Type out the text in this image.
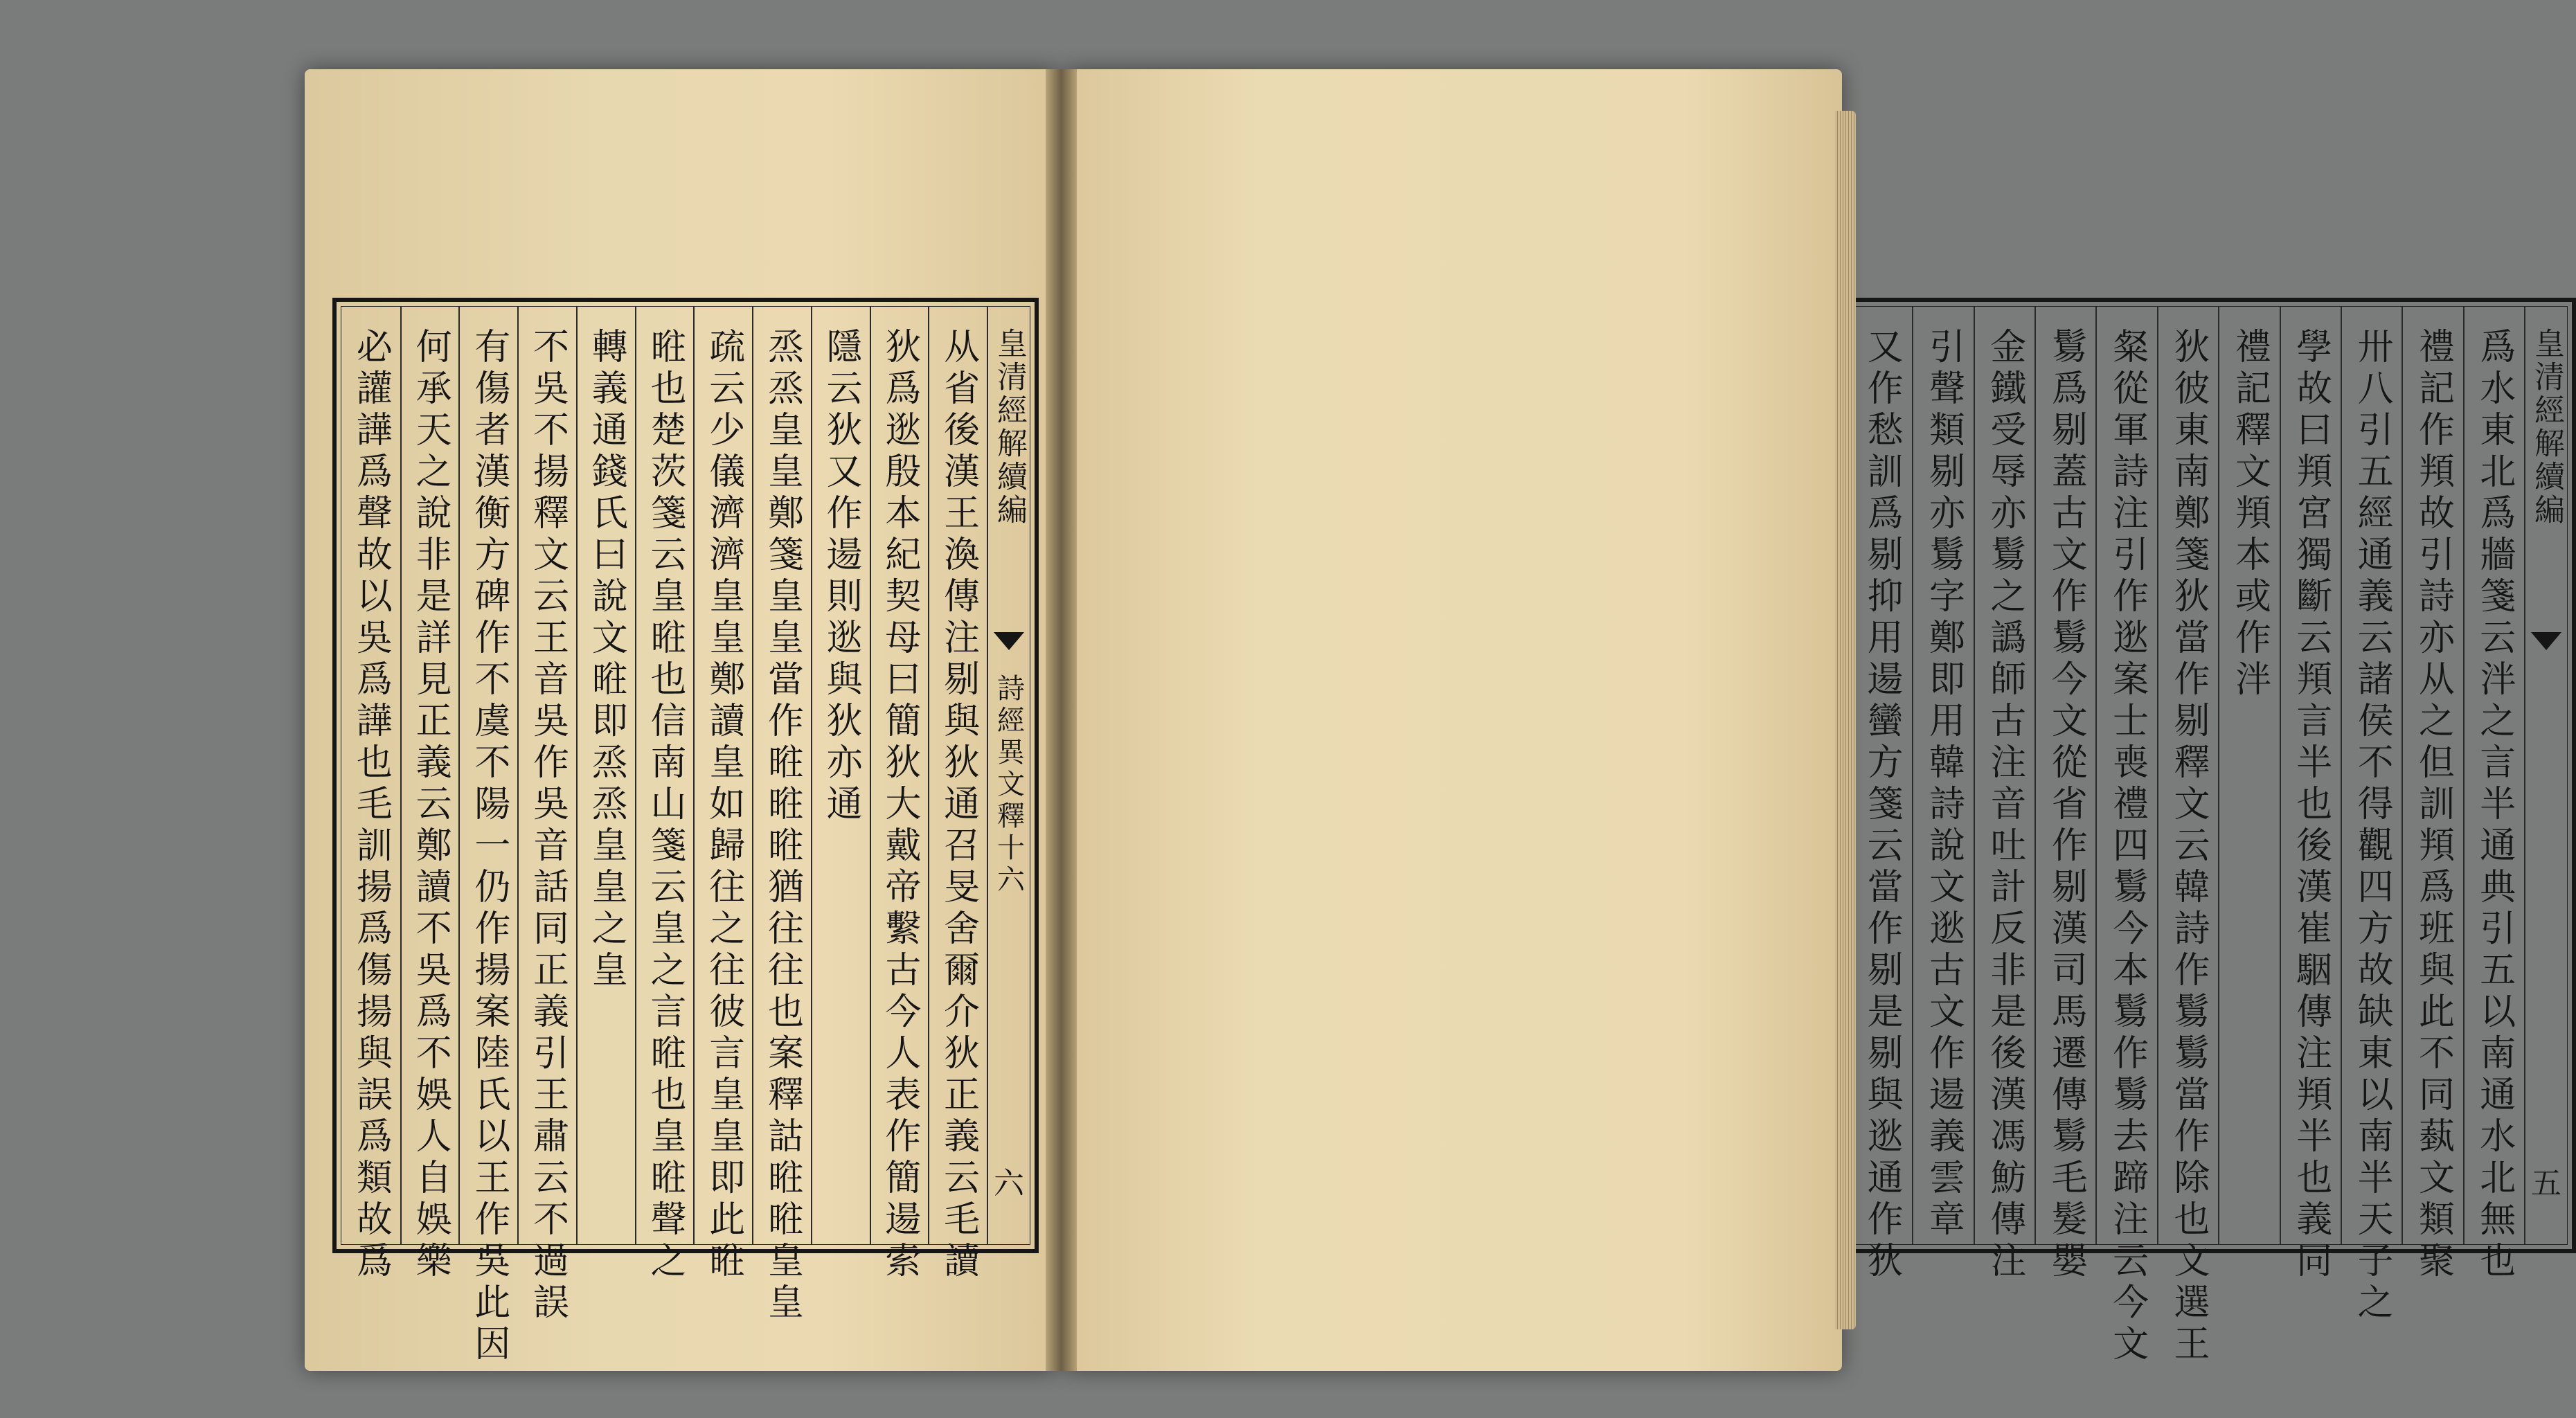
从省後漢王渙傳注剔與狄通召旻舍爾介狄正義云毛讀
狄爲逖殷本紀契母曰簡狄大戴帝繫古今人表作簡逿索
隱云狄又作逿則逖與狄亦通
烝烝皇皇鄭箋皇皇當作暀暀暀猶往往也案釋詁暀暀皇皇
疏云少儀濟濟皇皇鄭讀皇如歸往之往彼言皇皇即此暀
暀也楚茨箋云皇暀也信南山箋云皇之言暀也皇暀聲之
轉義通錢氏曰說文暀即烝烝皇皇之皇
不吳不揚釋文云王音吳作吳音話同正義引王肅云不過誤
有傷者漢衡方碑作不虞不陽一仍作揚案陸氏以王作吳此因
何承天之說非是詳見正義云鄭讀不吳爲不娛人自娛樂
必讙譁爲聲故以吳爲譁也毛訓揚爲傷揚與誤爲類故爲	皇清經解續編
詩經異文釋十六
六	爲水東北爲牆箋云泮之言半通典引五以南通水北無也
禮記作頖故引詩亦从之但訓頖爲班與此不同蓺文類聚
卅八引五經通義云諸侯不得觀四方故缺東以南半天子之
學故曰頖宮獨斷云頖言半也後漢崔駰傳注頖半也義同
禮記釋文頖本或作泮
狄彼東南鄭箋狄當作剔釋文云韓詩作鬄鬄當作除也文選王
粲從軍詩注引作逖案士喪禮四鬄今本鬄作鬄去蹄注云今文
鬄爲剔蓋古文作鬄今文從省作剔漢司馬遷傳鬄毛髮嬰
金鐵受辱亦鬄之譌師古注音吐計反非是後漢馮魴傳注
引聲類剔亦鬄字鄭即用韓詩說文逖古文作逿義雲章
又作愁訓爲剔抑用逿蠻方箋云當作剔是剔與逖通作狄	皇清經解續編
五
